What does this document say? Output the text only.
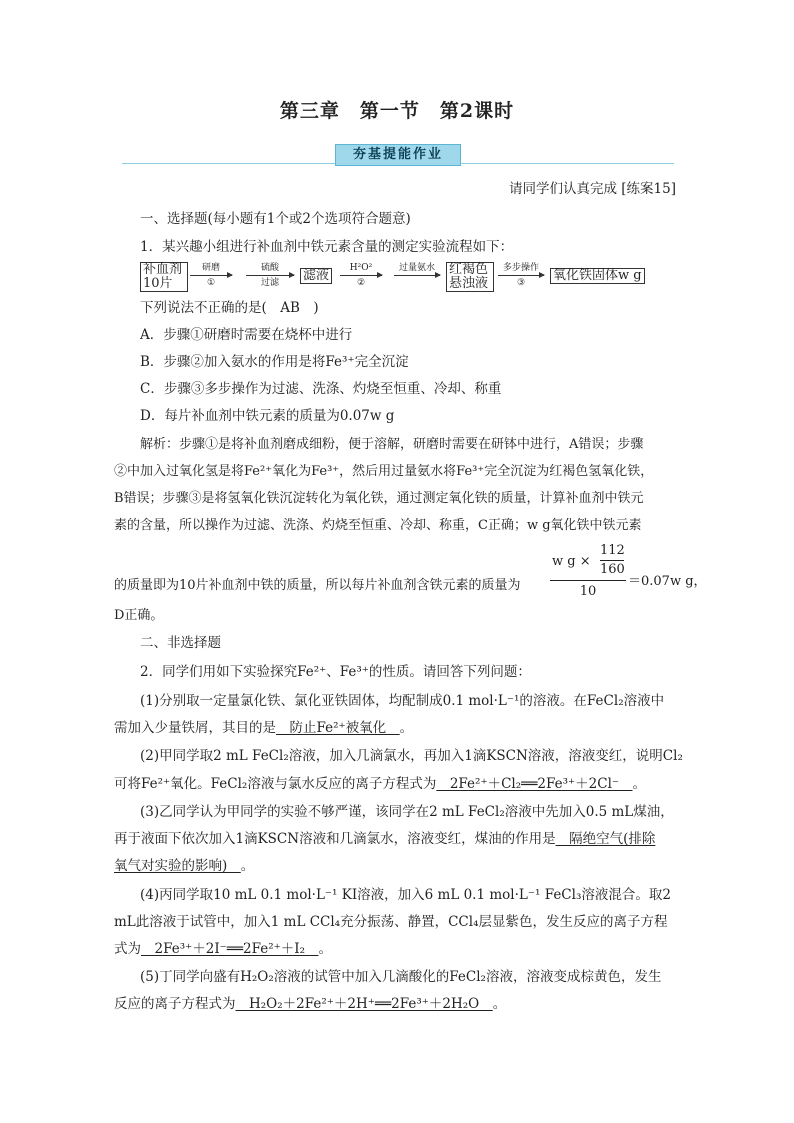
第三章　第一节　第2课时
夯基提能作业
请同学们认真完成 [练案15]
一、选择题(每小题有1个或2个选项符合题意)
1．某兴趣小组进行补血剂中铁元素含量的测定实验流程如下：
补血剂10片
研磨
①
硫酸
过滤	滤液	H²O²
②
过量氨水	红褐色悬浊液
多步操作
③	氧化铁固体w g
下列说法不正确的是(　AB　)
A．步骤①研磨时需要在烧杯中进行
B．步骤②加入氨水的作用是将Fe³⁺完全沉淀
C．步骤③多步操作为过滤、洗涤、灼烧至恒重、冷却、称重
D．每片补血剂中铁元素的质量为0.07w g
解析：步骤①是将补血剂磨成细粉，便于溶解，研磨时需要在研钵中进行，A错误；步骤
②中加入过氧化氢是将Fe²⁺氧化为Fe³⁺，然后用过量氨水将Fe³⁺完全沉淀为红褐色氢氧化铁，
B错误；步骤③是将氢氧化铁沉淀转化为氧化铁，通过测定氧化铁的质量，计算补血剂中铁元
素的含量，所以操作为过滤、洗涤、灼烧至恒重、冷却、称重，C正确；w g氧化铁中铁元素
的质量即为10片补血剂中铁的质量，所以每片补血剂含铁元素的质量为
w g ×
112
160
10
＝0.07w g，
D正确。
二、非选择题
2．同学们用如下实验探究Fe²⁺、Fe³⁺的性质。请回答下列问题：
(1)分别取一定量氯化铁、氯化亚铁固体，均配制成0.1 mol·L⁻¹的溶液。在FeCl₂溶液中
需加入少量铁屑，其目的是　防止Fe²⁺被氧化　。
(2)甲同学取2 mL FeCl₂溶液，加入几滴氯水，再加入1滴KSCN溶液，溶液变红，说明Cl₂
可将Fe²⁺氧化。FeCl₂溶液与氯水反应的离子方程式为　2Fe²⁺＋Cl₂══2Fe³⁺＋2Cl⁻　。
(3)乙同学认为甲同学的实验不够严谨，该同学在2 mL FeCl₂溶液中先加入0.5 mL煤油，
再于液面下依次加入1滴KSCN溶液和几滴氯水，溶液变红，煤油的作用是　隔绝空气(排除
氧气对实验的影响)　。
(4)丙同学取10 mL 0.1 mol·L⁻¹ KI溶液，加入6 mL 0.1 mol·L⁻¹ FeCl₃溶液混合。取2
mL此溶液于试管中，加入1 mL CCl₄充分振荡、静置，CCl₄层显紫色，发生反应的离子方程
式为　2Fe³⁺＋2I⁻══2Fe²⁺＋I₂　。
(5)丁同学向盛有H₂O₂溶液的试管中加入几滴酸化的FeCl₂溶液，溶液变成棕黄色，发生
反应的离子方程式为　H₂O₂＋2Fe²⁺＋2H⁺══2Fe³⁺＋2H₂O　。
